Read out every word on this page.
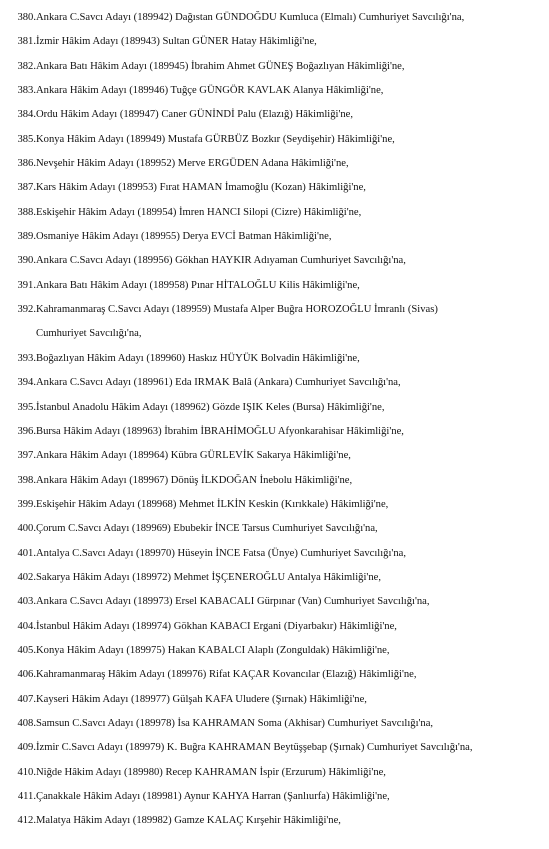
380.Ankara C.Savcı Adayı (189942) Dağıstan GÜNDOĞDU Kumluca (Elmalı) Cumhuriyet Savcılığı'na,
381.İzmir Hâkim Adayı (189943) Sultan GÜNER Hatay Hâkimliği'ne,
382.Ankara Batı Hâkim Adayı (189945) İbrahim Ahmet GÜNEŞ Boğazlıyan Hâkimliği'ne,
383.Ankara Hâkim Adayı (189946) Tuğçe GÜNGÖR KAVLAK Alanya Hâkimliği'ne,
384.Ordu Hâkim Adayı (189947) Caner GÜNİNDİ Palu (Elazığ) Hâkimliği'ne,
385.Konya Hâkim Adayı (189949) Mustafa GÜRBÜZ Bozkır (Seydişehir) Hâkimliği'ne,
386.Nevşehir Hâkim Adayı (189952) Merve ERGÜDEN Adana Hâkimliği'ne,
387.Kars Hâkim Adayı (189953) Fırat HAMAN İmamoğlu (Kozan) Hâkimliği'ne,
388.Eskişehir Hâkim Adayı (189954) İmren HANCI Silopi (Cizre) Hâkimliği'ne,
389.Osmaniye Hâkim Adayı (189955) Derya EVCİ Batman Hâkimliği'ne,
390.Ankara C.Savcı Adayı (189956) Gökhan HAYKIR Adıyaman Cumhuriyet Savcılığı'na,
391.Ankara Batı Hâkim Adayı (189958) Pınar HİTALOĞLU Kilis Hâkimliği'ne,
392.Kahramanmaraş C.Savcı Adayı (189959) Mustafa Alper Buğra HOROZOĞLU İmranlı (Sivas)
Cumhuriyet Savcılığı'na,
393.Boğazlıyan Hâkim Adayı (189960) Haskız HÜYÜK Bolvadin Hâkimliği'ne,
394.Ankara C.Savcı Adayı (189961) Eda IRMAK Balâ (Ankara) Cumhuriyet Savcılığı'na,
395.İstanbul Anadolu Hâkim Adayı (189962) Gözde IŞIK Keles (Bursa) Hâkimliği'ne,
396.Bursa Hâkim Adayı (189963) İbrahim İBRAHİMOĞLU Afyonkarahisar Hâkimliği'ne,
397.Ankara Hâkim Adayı (189964) Kübra GÜRLEVİK Sakarya Hâkimliği'ne,
398.Ankara Hâkim Adayı (189967) Dönüş İLKDOĞAN İnebolu Hâkimliği'ne,
399.Eskişehir Hâkim Adayı (189968) Mehmet İLKİN Keskin (Kırıkkale) Hâkimliği'ne,
400.Çorum C.Savcı Adayı (189969) Ebubekir İNCE Tarsus Cumhuriyet Savcılığı'na,
401.Antalya C.Savcı Adayı (189970) Hüseyin İNCE Fatsa (Ünye) Cumhuriyet Savcılığı'na,
402.Sakarya Hâkim Adayı (189972) Mehmet İŞÇENEROĞLU Antalya Hâkimliği'ne,
403.Ankara C.Savcı Adayı (189973) Ersel KABACALI Gürpınar (Van) Cumhuriyet Savcılığı'na,
404.İstanbul Hâkim Adayı (189974) Gökhan KABACI Ergani (Diyarbakır) Hâkimliği'ne,
405.Konya Hâkim Adayı (189975) Hakan KABALCI Alaplı (Zonguldak) Hâkimliği'ne,
406.Kahramanmaraş Hâkim Adayı (189976) Rifat KAÇAR Kovancılar (Elazığ) Hâkimliği'ne,
407.Kayseri Hâkim Adayı (189977) Gülşah KAFA Uludere (Şırnak) Hâkimliği'ne,
408.Samsun C.Savcı Adayı (189978) İsa KAHRAMAN Soma (Akhisar) Cumhuriyet Savcılığı'na,
409.İzmir C.Savcı Adayı (189979) K. Buğra KAHRAMAN Beytüşşebap (Şırnak) Cumhuriyet Savcılığı'na,
410.Niğde Hâkim Adayı (189980) Recep KAHRAMAN İspir (Erzurum) Hâkimliği'ne,
411.Çanakkale Hâkim Adayı (189981) Aynur KAHYA Harran (Şanlıurfa) Hâkimliği'ne,
412.Malatya Hâkim Adayı (189982) Gamze KALAÇ Kırşehir Hâkimliği'ne,
